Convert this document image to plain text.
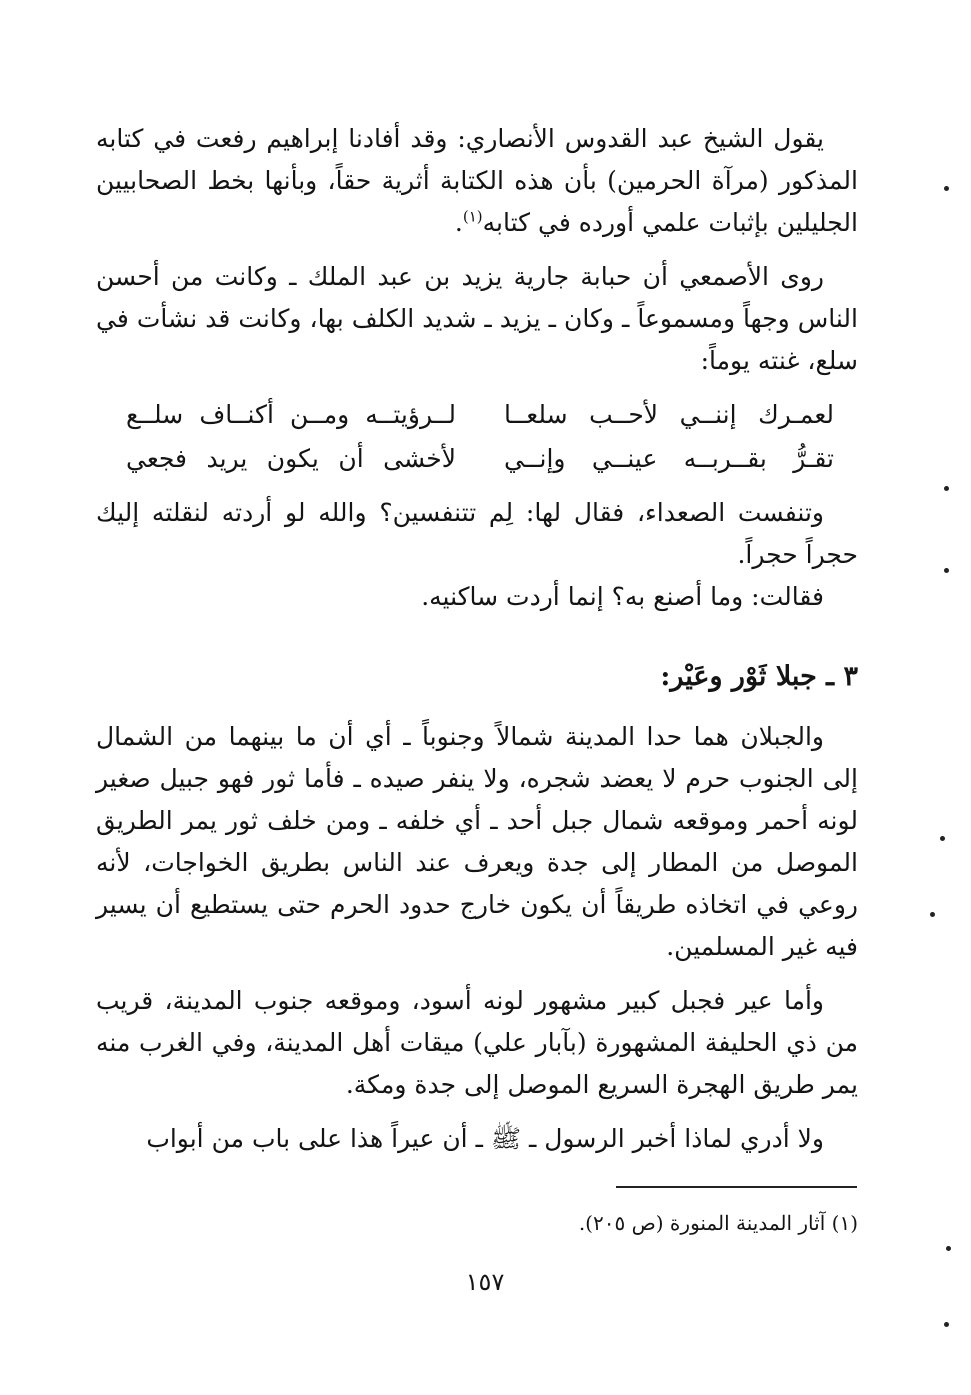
يقول الشيخ عبد القدوس الأنصاري: وقد أفادنا إبراهيم رفعت في كتابه المذكور (مرآة الحرمين) بأن هذه الكتابة أثرية حقاً، وبأنها بخط الصحابيين الجليلين بإثبات علمي أورده في كتابه$^{(١)}$.

روى الأصمعي أن حبابة جارية يزيد بن عبد الملك ـ وكانت من أحسن الناس وجهاً ومسموعاً ـ وكان ـ يزيد ـ شديد الكلف بها، وكانت قد نشأت في سلع، غنته يوماً:

لعمـرك إننــي لأحــب سلعــا
لــرؤيتــه ومــن أكنــاف سلــع
تقـرُّ بقــربــه عينــي وإنــي
لأخشى أن يكون يريد فجعي

وتنفست الصعداء، فقال لها: لِم تتنفسين؟ والله لو أردته لنقلته إليك حجراً حجراً.

فقالت: وما أصنع به؟ إنما أردت ساكنيه.

٣ ـ جبلا ثَوْر وعَيْر:

والجبلان هما حدا المدينة شمالاً وجنوباً ـ أي أن ما بينهما من الشمال إلى الجنوب حرم لا يعضد شجره، ولا ينفر صيده ـ فأما ثور فهو جبيل صغير لونه أحمر وموقعه شمال جبل أحد ـ أي خلفه ـ ومن خلف ثور يمر الطريق الموصل من المطار إلى جدة ويعرف عند الناس بطريق الخواجات، لأنه روعي في اتخاذه طريقاً أن يكون خارج حدود الحرم حتى يستطيع أن يسير فيه غير المسلمين.

وأما عير فجبل كبير مشهور لونه أسود، وموقعه جنوب المدينة، قريب من ذي الحليفة المشهورة (بآبار علي) ميقات أهل المدينة، وفي الغرب منه يمر طريق الهجرة السريع الموصل إلى جدة ومكة.

ولا أدري لماذا أخبر الرسول ـ ﷺ ـ أن عيراً هذا على باب من أبواب

(١) آثار المدينة المنورة (ص ٢٠٥).
١٥٧
